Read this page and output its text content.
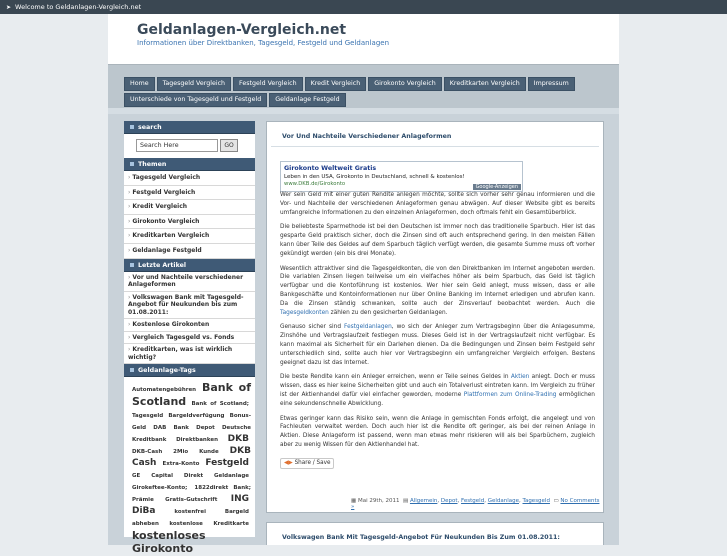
➤ Welcome to Geldanlagen-Vergleich.net
Geldanlagen-Vergleich.net
Informationen über Direktbanken, Tagesgeld, Festgeld und Geldanlagen
Home	Tagesgeld Vergleich	Festgeld Vergleich	Kredit Vergleich	Girokonto Vergleich	Kreditkarten Vergleich	Impressum
Unterschiede von Tagesgeld und Festgeld	Geldanlage Festgeld
search
Search HereGO
Themen
› Tagesgeld Vergleich
› Festgeld Vergleich
› Kredit Vergleich
› Girokonto Vergleich
› Kreditkarten Vergleich
› Geldanlage Festgeld
Letzte Artikel
› Vor und Nachteile verschiedener Anlageformen
› Volkswagen Bank mit Tagesgeld-Angebot für Neukunden bis zum 01.08.2011:
› Kostenlose Girokonten
› Vergleich Tagesgeld vs. Fonds
› Kreditkarten, was ist wirklich wichtig?
Geldanlage-Tags
Automatengebühren Bank of Scotland Bank of Scotland; Tagesgeld Bargeldverfügung Bonus-Geld DAB Bank Depot Deutsche Kreditbank Direktbanken DKB DKB-Cash 2Mio Kunde DKB Cash Extra-Konto Festgeld GE Capital Direkt Geldanlage Girokeftee-Konto; 1822direkt Bank; Prämie Gratis-Gutschrift ING DiBa	kostenfrei	Bargeld abheben kostenlose Kreditkarte kostenloses Girokonto
Vor Und Nachteile Verschiedener Anlageformen
Girokonto Weltweit Gratis
Leben in den USA, Girokonto in Deutschland, schnell & kostenlos!
www.DKB.de/Girokonto	Google-Anzeigen

Wer sein Geld mit einer guten Rendite anlegen möchte, sollte sich vorher sehr genau informieren und die Vor- und Nachteile der verschiedenen Anlageformen genau abwägen. Auf dieser Website gibt es bereits umfangreiche Informationen zu den einzelnen Anlageformen, doch oftmals fehlt ein Gesamtüberblick.

Die beliebteste Sparmethode ist bei den Deutschen ist immer noch das traditionelle Sparbuch. Hier ist das gesparte Geld praktisch sicher, doch die Zinsen sind oft auch entsprechend gering. In den meisten Fällen kann über Teile des Geldes auf dem Sparbuch täglich verfügt werden, die gesamte Summe muss oft vorher gekündigt werden (ein bis drei Monate).

Wesentlich attraktiver sind die Tagesgeldkonten, die von den Direktbanken im Internet angeboten werden. Die variablen Zinsen liegen teilweise um ein vielfaches höher als beim Sparbuch, das Geld ist täglich verfügbar und die Kontoführung ist kostenlos. Wer hier sein Geld anlegt, muss wissen, dass er alle Bankgeschäfte und Kontoinformationen nur über Online Banking im Internet erledigen und abrufen kann. Da die Zinsen ständig schwanken, sollte auch der Zinsverlauf beobachtet werden. Auch die Tagesgeldkonten zählen zu den gesicherten Geldanlagen.

Genauso sicher sind Festgeldanlagen, wo sich der Anleger zum Vertragsbeginn über die Anlagesumme, Zinshöhe und Vertragslaufzeit festlegen muss. Dieses Geld ist in der Vertragslaufzeit nicht verfügbar. Es kann maximal als Sicherheit für ein Darlehen dienen. Da die Bedingungen und Zinsen beim Festgeld sehr unterschiedlich sind, sollte auch hier vor Vertragsbeginn ein umfangreicher Vergleich erfolgen. Bestens geeignet dazu ist das Internet.

Die beste Rendite kann ein Anleger erreichen, wenn er Teile seines Geldes in Aktien anlegt. Doch er muss wissen, dass es hier keine Sicherheiten gibt und auch ein Totalverlust eintreten kann. Im Vergleich zu früher ist der Aktienhandel dafür viel einfacher geworden, moderne Plattformen zum Online-Trading ermöglichen eine sekundenschnelle Abwicklung.

Etwas geringer kann das Risiko sein, wenn die Anlage in gemischten Fonds erfolgt, die angelegt und von Fachleuten verwaltet werden. Doch auch hier ist die Rendite oft geringer, als bei der reinen Anlage in Aktien. Diese Anlageform ist passend, wenn man etwas mehr riskieren will als bei Sparbüchern, zugleich aber zu wenig Wissen für den Aktienhandel hat.

◀▶ Share / Save
▦ Mai 29th, 2011 ▤ Allgemein, Depot, Festgeld, Geldanlage, Tagesgeld ▭ No Comments »
Volkswagen Bank Mit Tagesgeld-Angebot Für Neukunden Bis Zum 01.08.2011:
